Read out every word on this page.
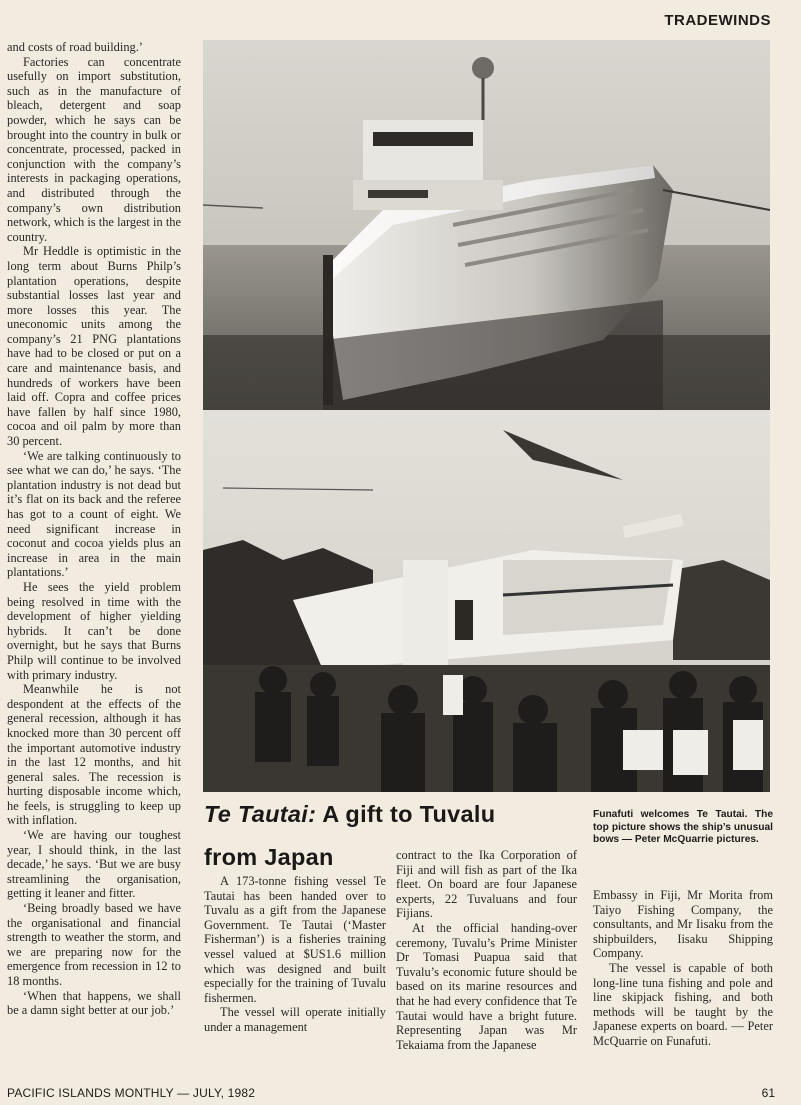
TRADEWINDS

and costs of road building.’

Factories can concentrate usefully on import substitution, such as in the manufacture of bleach, detergent and soap powder, which he says can be brought into the country in bulk or concentrate, processed, packed in conjunction with the company’s interests in packaging operations, and distributed through the company’s own distribution network, which is the largest in the country.

Mr Heddle is optimistic in the long term about Burns Philp’s plantation operations, despite substantial losses last year and more losses this year. The uneconomic units among the company’s 21 PNG plantations have had to be closed or put on a care and maintenance basis, and hundreds of workers have been laid off. Copra and coffee prices have fallen by half since 1980, cocoa and oil palm by more than 30 percent.

‘We are talking continuously to see what we can do,’ he says. ‘The plantation industry is not dead but it’s flat on its back and the referee has got to a count of eight. We need significant increase in coconut and cocoa yields plus an increase in area in the main plantations.’

He sees the yield problem being resolved in time with the development of higher yielding hybrids. It can’t be done overnight, but he says that Burns Philp will continue to be involved with primary industry.

Meanwhile he is not despondent at the effects of the general recession, although it has knocked more than 30 percent off the important automotive industry in the last 12 months, and hit general sales. The recession is hurting disposable income which, he feels, is struggling to keep up with inflation.

‘We are having our toughest year, I should think, in the last decade,’ he says. ‘But we are busy streamlining the organisation, getting it leaner and fitter.

‘Being broadly based we have the organisational and financial strength to weather the storm, and we are preparing now for the emergence from recession in 12 to 18 months.

‘When that happens, we shall be a damn sight better at our job.’

Te Tautai: A gift to Tuvalu
from Japan
Funafuti welcomes Te Tautai. The top picture shows the ship’s unusual bows — Peter McQuarrie pictures.

A 173-tonne fishing vessel Te Tautai has been handed over to Tuvalu as a gift from the Japanese Government. Te Tautai (‘Master Fisherman’) is a fisheries training vessel valued at $US1.6 million which was designed and built especially for the training of Tuvalu fishermen.

The vessel will operate initially under a management

contract to the Ika Corporation of Fiji and will fish as part of the Ika fleet. On board are four Japanese experts, 22 Tuvaluans and four Fijians.

At the official handing-over ceremony, Tuvalu’s Prime Minister Dr Tomasi Puapua said that Tuvalu’s economic future should be based on its marine resources and that he had every confidence that Te Tautai would have a bright future. Representing Japan was Mr Tekaiama from the Japanese

Embassy in Fiji, Mr Morita from Taiyo Fishing Company, the consultants, and Mr Iisaku from the shipbuilders, Iisaku Shipping Company.

The vessel is capable of both long-line tuna fishing and pole and line skipjack fishing, and both methods will be taught by the Japanese experts on board. — Peter McQuarrie on Funafuti.

PACIFIC ISLANDS MONTHLY — JULY, 1982	61
